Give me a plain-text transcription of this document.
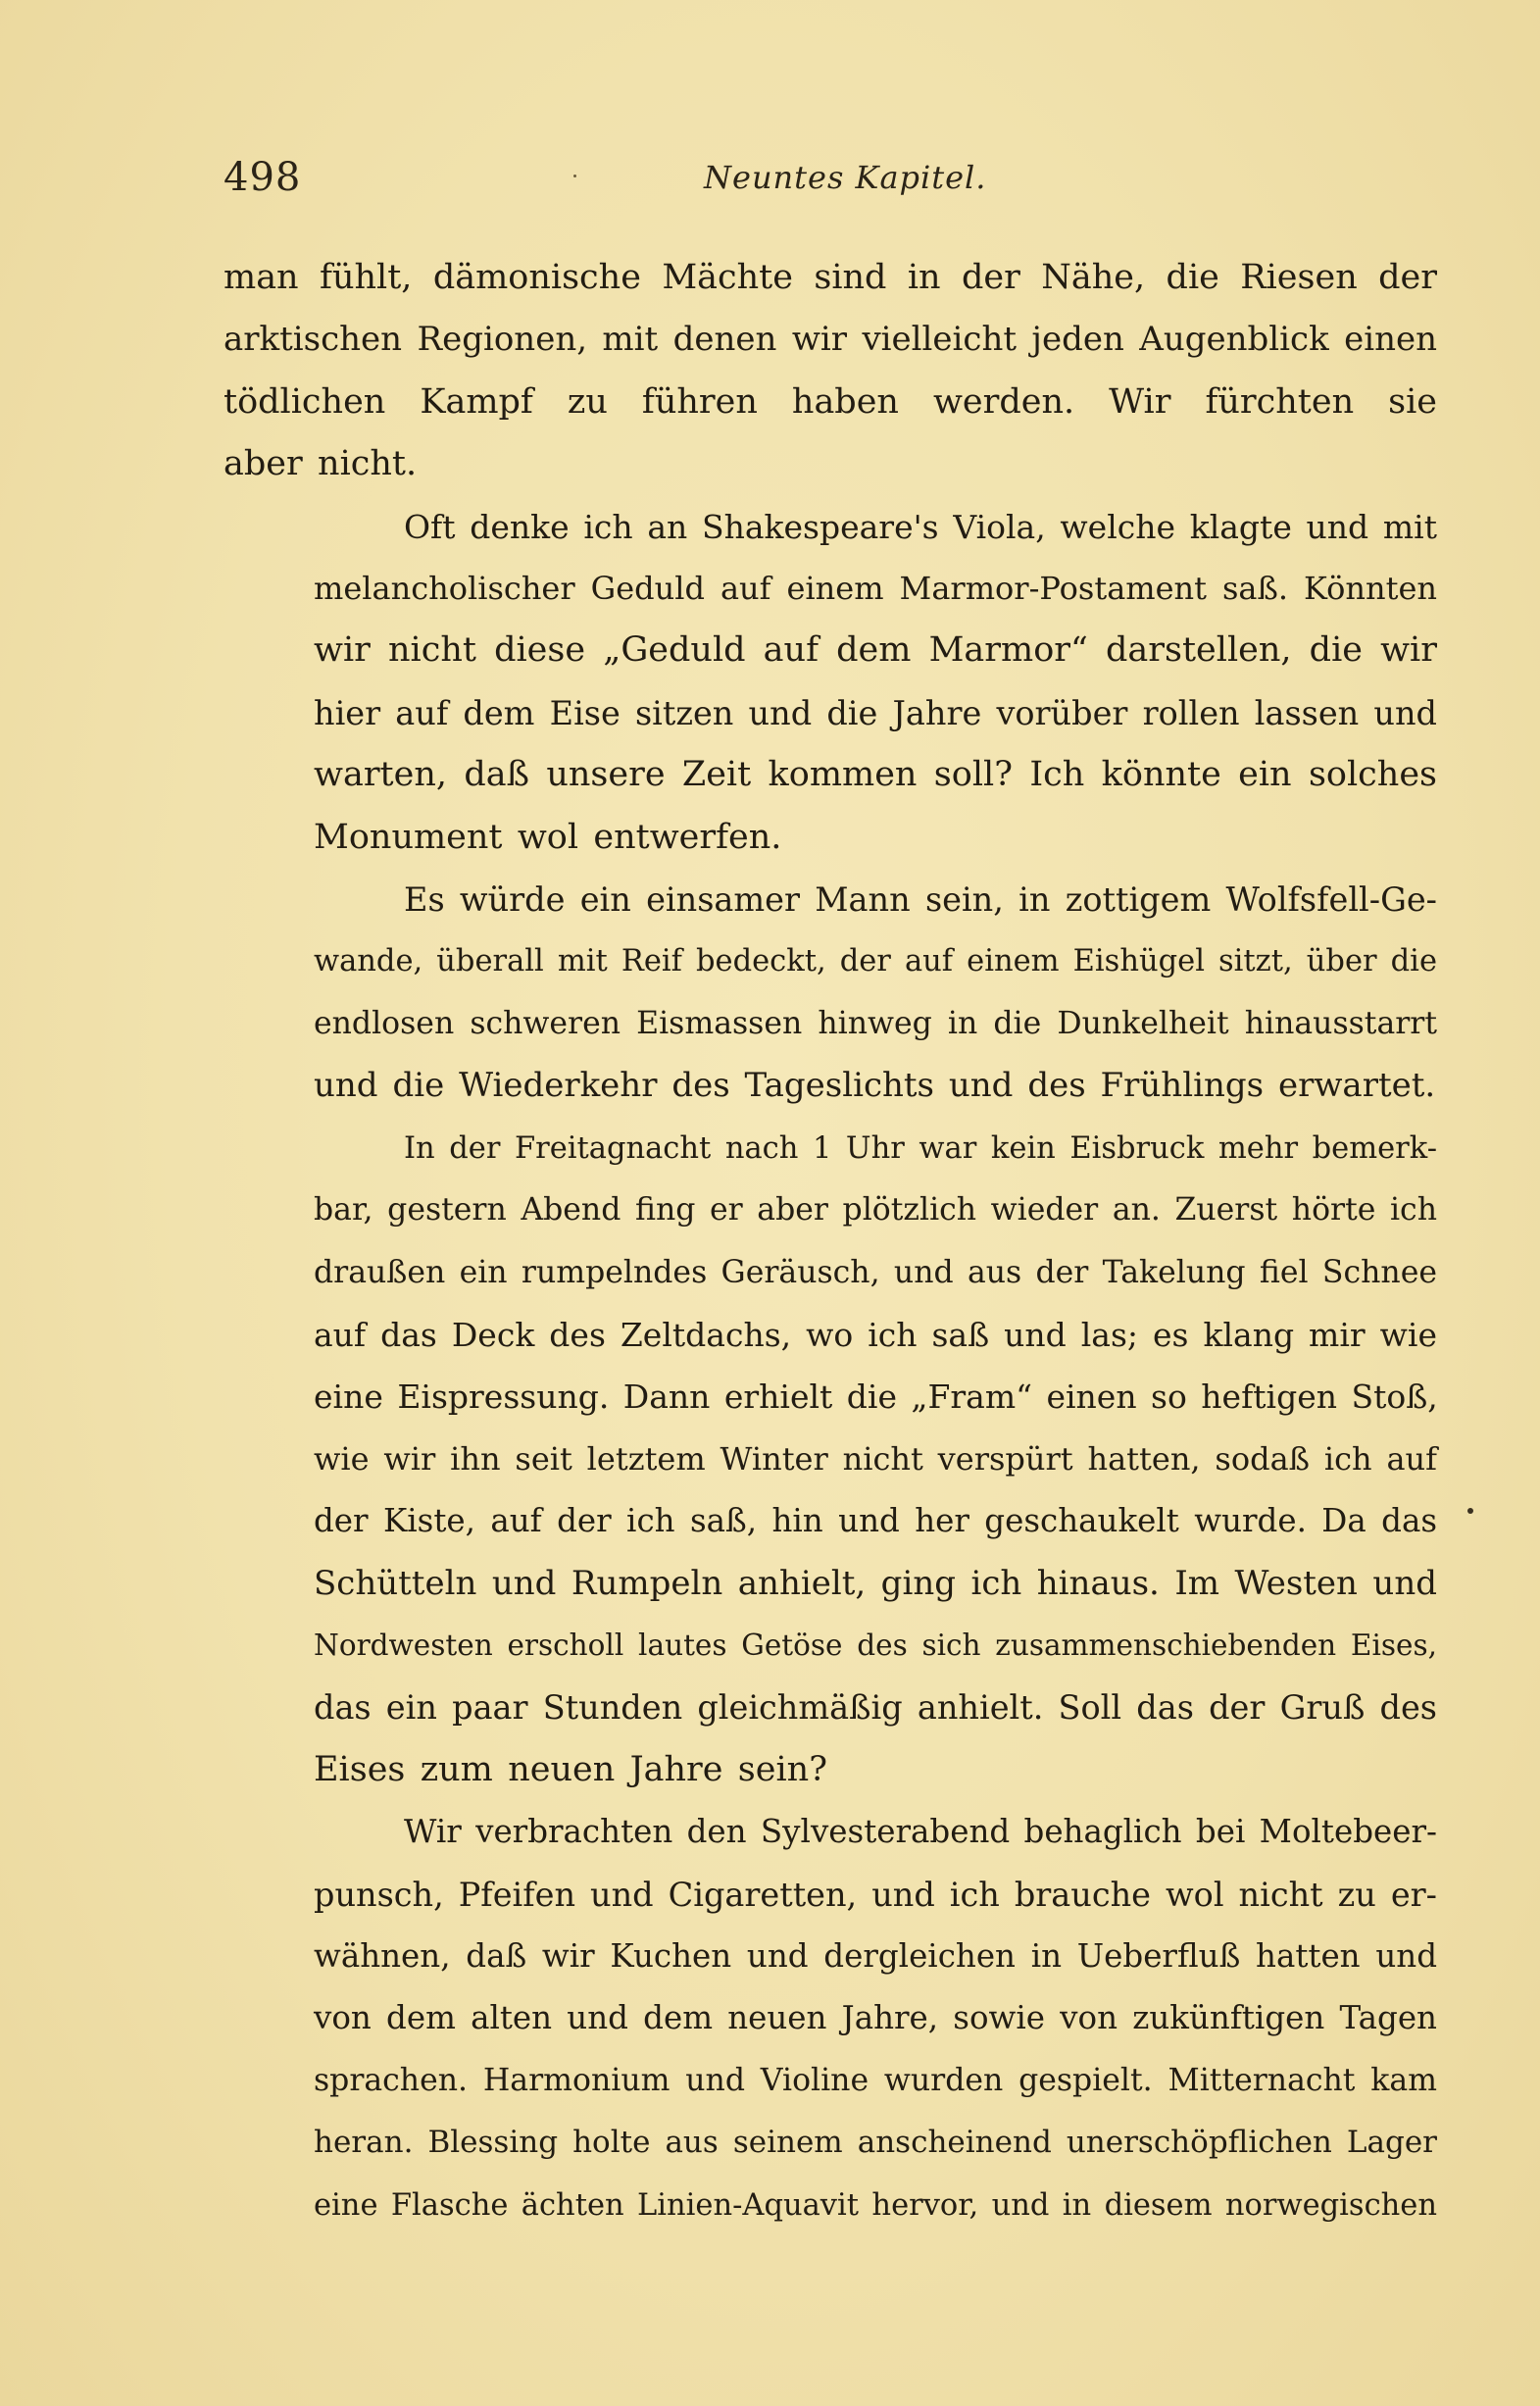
498	Neuntes Kapitel.
man fühlt, dämonische Mächte sind in der Nähe, die Riesen der
arktischen Regionen, mit denen wir vielleicht jeden Augenblick einen
tödlichen Kampf zu führen haben werden. Wir fürchten sie
aber nicht.
Oft denke ich an Shakespeare's Viola, welche klagte und mit
melancholischer Geduld auf einem Marmor-Postament saß. Könnten
wir nicht diese „Geduld auf dem Marmor“ darstellen, die wir
hier auf dem Eise sitzen und die Jahre vorüber rollen lassen und
warten, daß unsere Zeit kommen soll? Ich könnte ein solches
Monument wol entwerfen.
Es würde ein einsamer Mann sein, in zottigem Wolfsfell-Ge-
wande, überall mit Reif bedeckt, der auf einem Eishügel sitzt, über die
endlosen schweren Eismassen hinweg in die Dunkelheit hinausstarrt
und die Wiederkehr des Tageslichts und des Frühlings erwartet.
In der Freitagnacht nach 1 Uhr war kein Eisbruck mehr bemerk-
bar, gestern Abend fing er aber plötzlich wieder an. Zuerst hörte ich
draußen ein rumpelndes Geräusch, und aus der Takelung fiel Schnee
auf das Deck des Zeltdachs, wo ich saß und las; es klang mir wie
eine Eispressung. Dann erhielt die „Fram“ einen so heftigen Stoß,
wie wir ihn seit letztem Winter nicht verspürt hatten, sodaß ich auf
der Kiste, auf der ich saß, hin und her geschaukelt wurde. Da das
Schütteln und Rumpeln anhielt, ging ich hinaus. Im Westen und
Nordwesten erscholl lautes Getöse des sich zusammenschiebenden Eises,
das ein paar Stunden gleichmäßig anhielt. Soll das der Gruß des
Eises zum neuen Jahre sein?
Wir verbrachten den Sylvesterabend behaglich bei Moltebeer-
punsch, Pfeifen und Cigaretten, und ich brauche wol nicht zu er-
wähnen, daß wir Kuchen und dergleichen in Ueberfluß hatten und
von dem alten und dem neuen Jahre, sowie von zukünftigen Tagen
sprachen. Harmonium und Violine wurden gespielt. Mitternacht kam
heran. Blessing holte aus seinem anscheinend unerschöpflichen Lager
eine Flasche ächten Linien-Aquavit hervor, und in diesem norwegischen
